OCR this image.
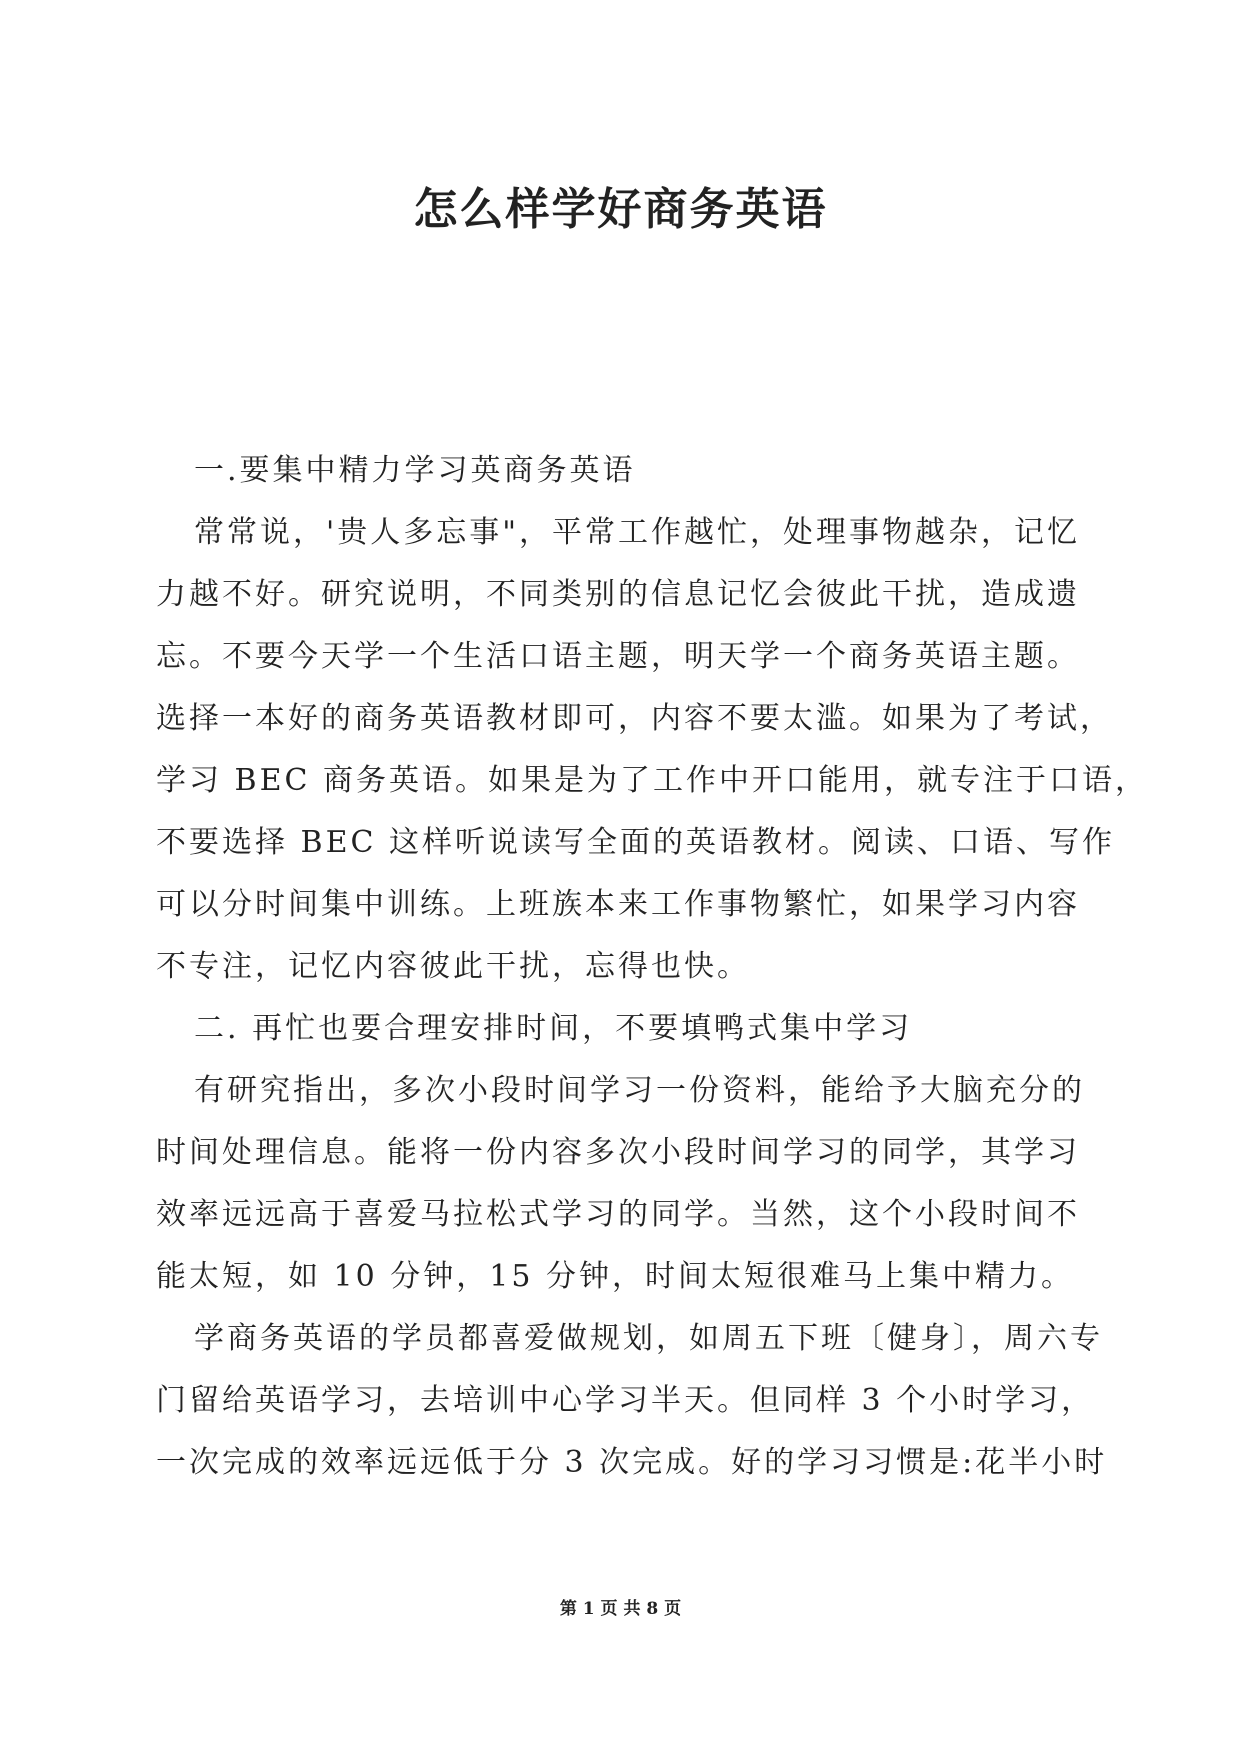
怎么样学好商务英语

一.要集中精力学习英商务英语

常常说，'贵人多忘事"，平常工作越忙，处理事物越杂，记忆

力越不好。研究说明，不同类别的信息记忆会彼此干扰，造成遗

忘。不要今天学一个生活口语主题，明天学一个商务英语主题。

选择一本好的商务英语教材即可，内容不要太滥。如果为了考试，

学习 BEC 商务英语。如果是为了工作中开口能用，就专注于口语，

不要选择 BEC 这样听说读写全面的英语教材。阅读、口语、写作

可以分时间集中训练。上班族本来工作事物繁忙，如果学习内容

不专注，记忆内容彼此干扰，忘得也快。

二. 再忙也要合理安排时间，不要填鸭式集中学习

有研究指出，多次小段时间学习一份资料，能给予大脑充分的

时间处理信息。能将一份内容多次小段时间学习的同学，其学习

效率远远高于喜爱马拉松式学习的同学。当然，这个小段时间不

能太短，如 10 分钟，15 分钟，时间太短很难马上集中精力。

学商务英语的学员都喜爱做规划，如周五下班〔健身〕，周六专

门留给英语学习，去培训中心学习半天。但同样 3 个小时学习，

一次完成的效率远远低于分 3 次完成。好的学习习惯是:花半小时

第 1 页 共 8 页
